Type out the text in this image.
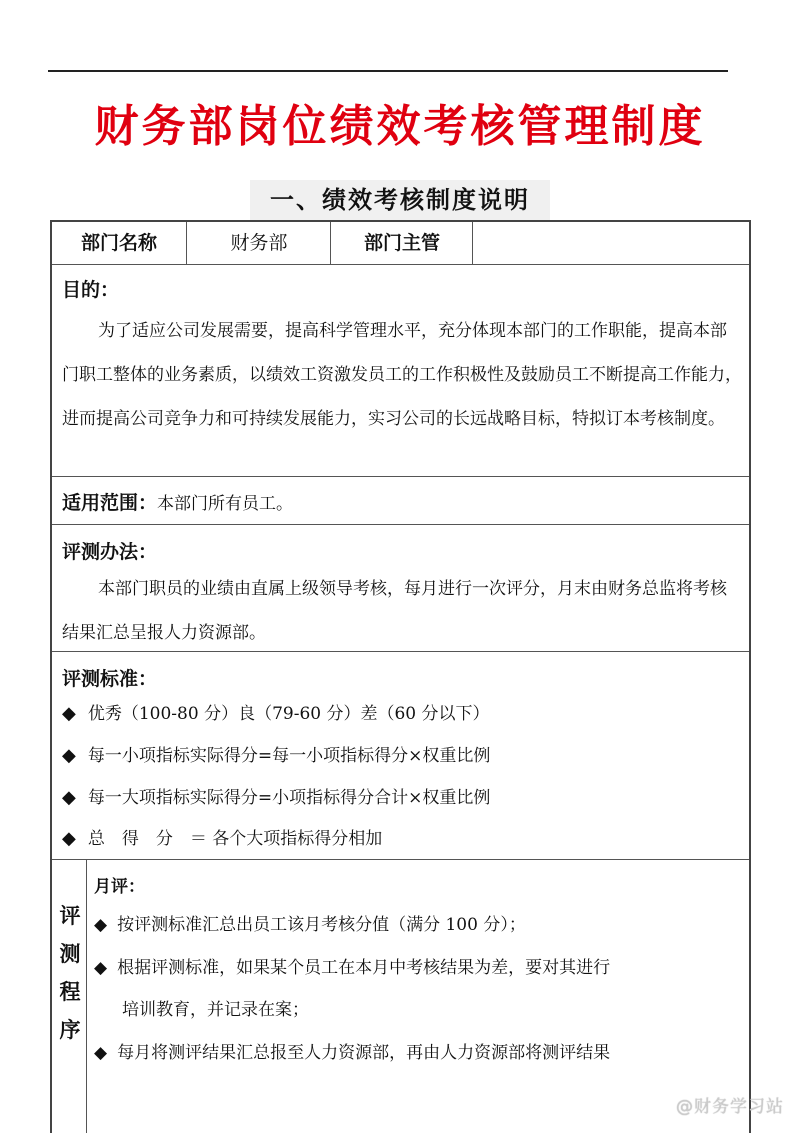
财务部岗位绩效考核管理制度
一、绩效考核制度说明
部门名称	财务部	部门主管
目的：
为了适应公司发展需要，提高科学管理水平，充分体现本部门的工作职能，提高本部门职工整体的业务素质，以绩效工资激发员工的工作积极性及鼓励员工不断提高工作能力，进而提高公司竞争力和可持续发展能力，实习公司的长远战略目标，特拟订本考核制度。
适用范围：本部门所有员工。
评测办法：
本部门职员的业绩由直属上级领导考核，每月进行一次评分，月末由财务总监将考核结果汇总呈报人力资源部。
评测标准：
◆ 优秀（100-80 分）良（79-60 分）差（60 分以下）
◆ 每一小项指标实际得分=每一小项指标得分×权重比例
◆ 每一大项指标实际得分=小项指标得分合计×权重比例
◆ 总　得　分　＝ 各个大项指标得分相加
评
测
程
序
月评：
◆ 按评测标准汇总出员工该月考核分值（满分 100 分）；
◆ 根据评测标准，如果某个员工在本月中考核结果为差，要对其进行
培训教育，并记录在案；
◆ 每月将测评结果汇总报至人力资源部，再由人力资源部将测评结果
@财务学习站
